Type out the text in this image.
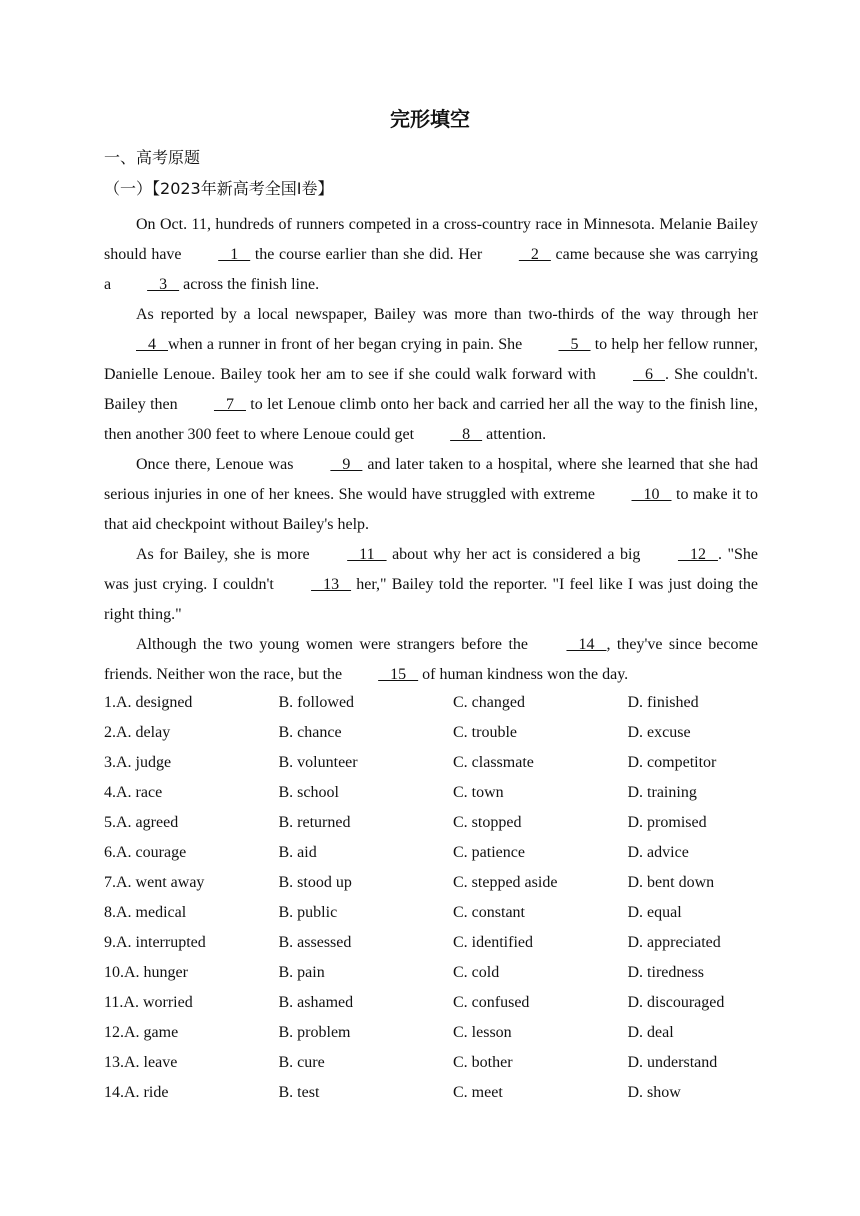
完形填空
一、高考原题
（一）【2023年新高考全国I卷】

On Oct. 11, hundreds of runners competed in a cross-country race in Minnesota. Melanie Bailey should have    1    the course earlier than she did. Her    2    came because she was carrying a    3    across the finish line.

As reported by a local newspaper, Bailey was more than two-thirds of the way through her    4   when a runner in front of her began crying in pain. She    5    to help her fellow runner, Danielle Lenoue. Bailey took her am to see if she could walk forward with    6   . She couldn't. Bailey then    7    to let Lenoue climb onto her back and carried her all the way to the finish line, then another 300 feet to where Lenoue could get    8    attention.

Once there, Lenoue was    9    and later taken to a hospital, where she learned that she had serious injuries in one of her knees. She would have struggled with extreme    10    to make it to that aid checkpoint without Bailey's help.

As for Bailey, she is more    11    about why her act is considered a big    12   . "She was just crying. I couldn't    13    her," Bailey told the reporter. "I feel like I was just doing the right thing."

Although the two young women were strangers before the    14   , they've since become friends. Neither won the race, but the    15    of human kindness won the day.

1.A. designed	B. followed	C. changed	D. finished
2.A. delay	B. chance	C. trouble	D. excuse
3.A. judge	B. volunteer	C. classmate	D. competitor
4.A. race	B. school	C. town	D. training
5.A. agreed	B. returned	C. stopped	D. promised
6.A. courage	B. aid	C. patience	D. advice
7.A. went away	B. stood up	C. stepped aside	D. bent down
8.A. medical	B. public	C. constant	D. equal
9.A. interrupted	B. assessed	C. identified	D. appreciated
10.A. hunger	B. pain	C. cold	D. tiredness
11.A. worried	B. ashamed	C. confused	D. discouraged
12.A. game	B. problem	C. lesson	D. deal
13.A. leave	B. cure	C. bother	D. understand
14.A. ride	B. test	C. meet	D. show
